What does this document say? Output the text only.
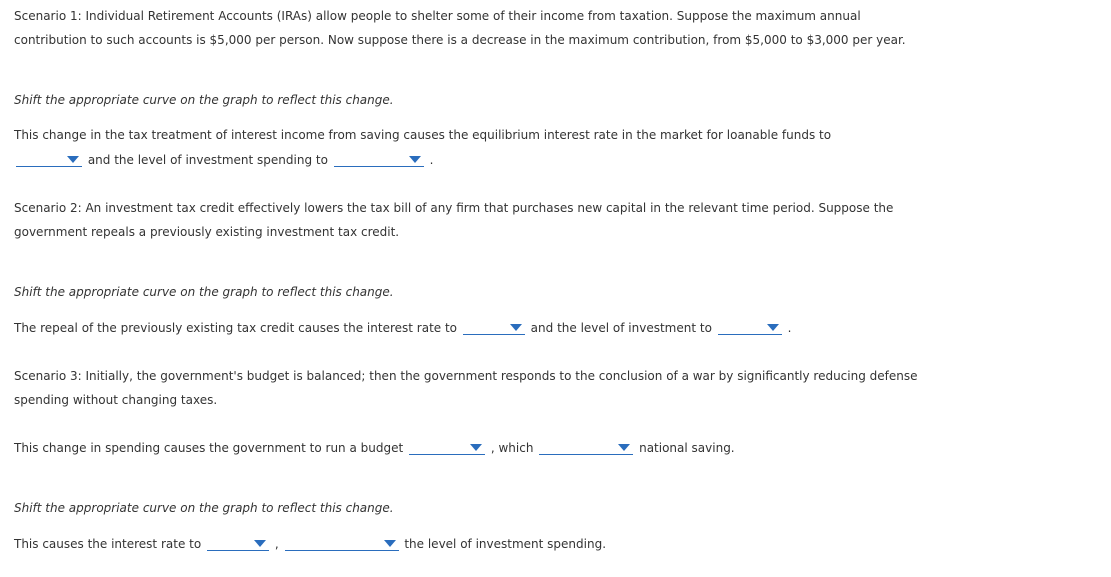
Scenario 1: Individual Retirement Accounts (IRAs) allow people to shelter some of their income from taxation. Suppose the maximum annual
contribution to such accounts is $5,000 per person. Now suppose there is a decrease in the maximum contribution, from $5,000 to $3,000 per year.
Shift the appropriate curve on the graph to reflect this change.
This change in the tax treatment of interest income from saving causes the equilibrium interest rate in the market for loanable funds to
and the level of investment spending to	.
Scenario 2: An investment tax credit effectively lowers the tax bill of any firm that purchases new capital in the relevant time period. Suppose the
government repeals a previously existing investment tax credit.
Shift the appropriate curve on the graph to reflect this change.
The repeal of the previously existing tax credit causes the interest rate to	and the level of investment to	.
Scenario 3: Initially, the government's budget is balanced; then the government responds to the conclusion of a war by significantly reducing defense
spending without changing taxes.
This change in spending causes the government to run a budget	, which	national saving.
Shift the appropriate curve on the graph to reflect this change.
This causes the interest rate to	,	the level of investment spending.
